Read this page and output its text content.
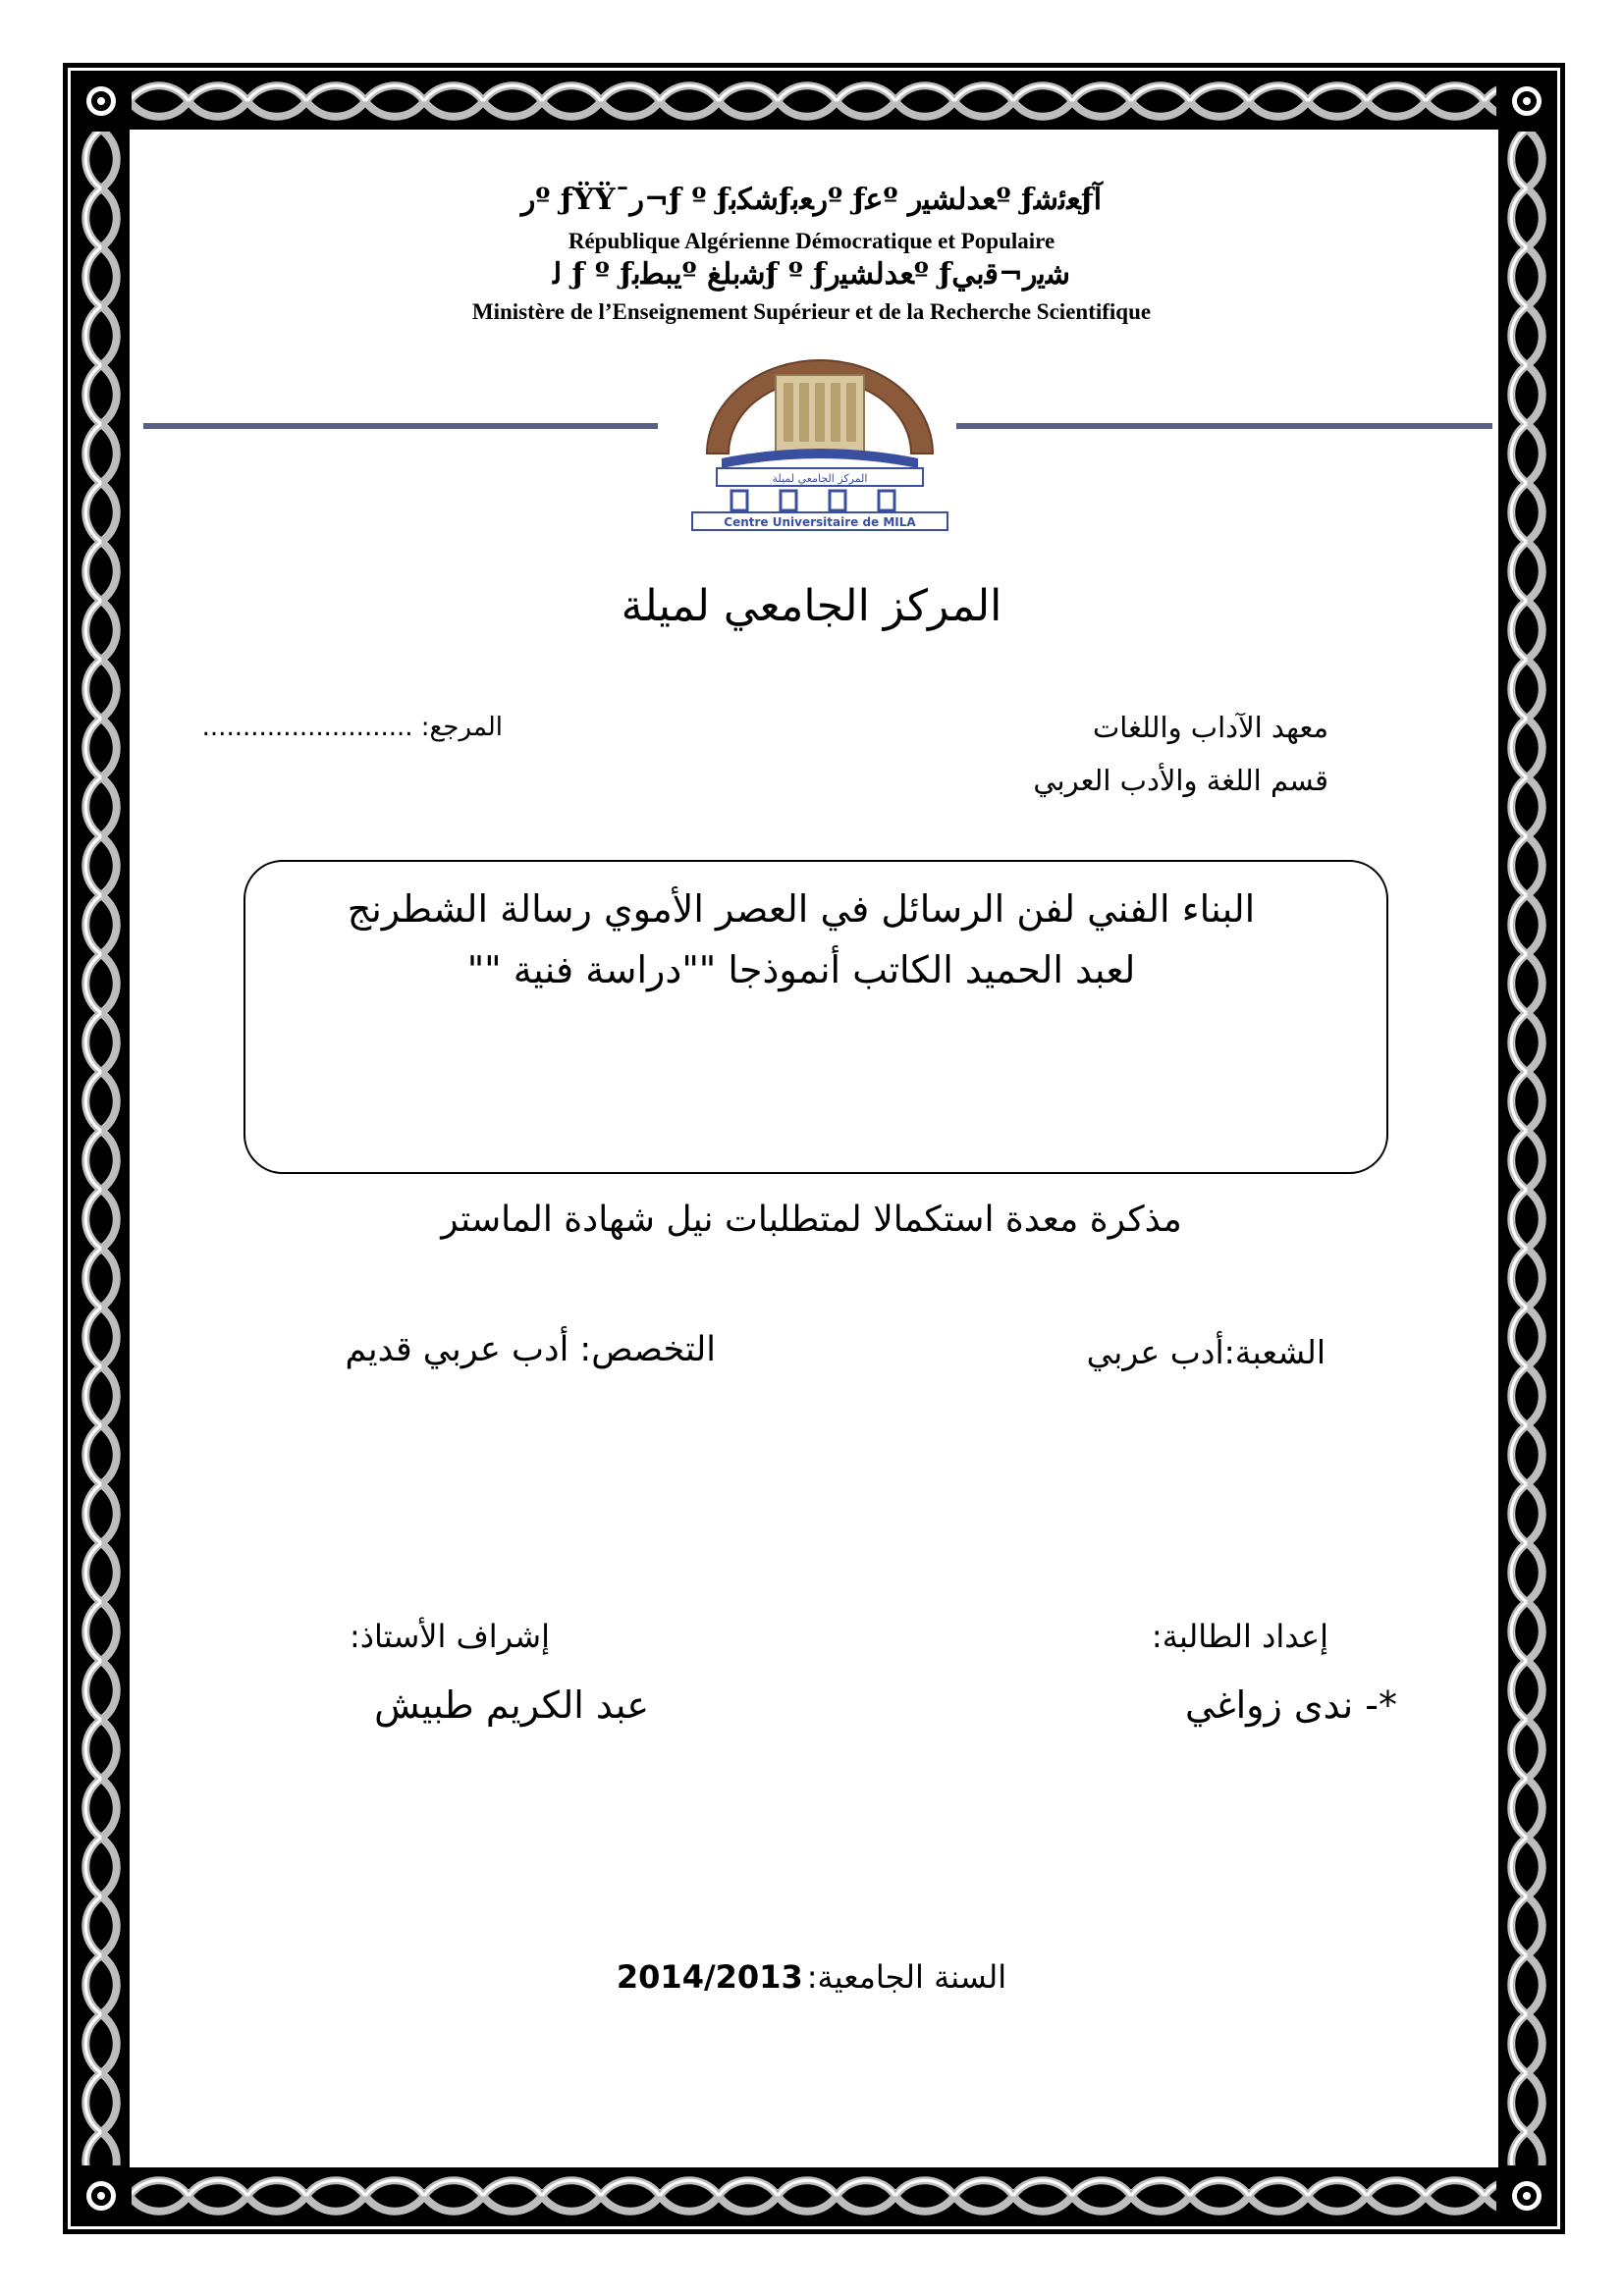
ﺭº ƒŸŸ¯ﺭ¬ƒ º ƒﺷﻜﺑƒﺭﻌﺑº ƒﻋº ﻌﺪﻟﺸﻴﺭº ƒﻌﺋﺷƒﺁ
République Algérienne Démocratique et Populaire
ﻟ ƒ º ƒﻳﺒﻄﺑº ﺷﺑﻠﻎƒ º ƒﻌﺪﻟﺸﻴﺭº ƒﺷﻳﺭ¬ﻗﺑﻲ
Ministère de l’Enseignement Supérieur et de la Recherche Scientifique
المركز الجامعي لميلة
Centre Universitaire de MILA
المركز الجامعي لميلة
معهد الآداب واللغات
قسم اللغة والأدب العربي
المرجع: ..........................
البناء الفني لفن الرسائل في العصر الأموي رسالة الشطرنج
لعبد الحميد الكاتب أنموذجا ""دراسة فنية ""
مذكرة معدة استكمالا لمتطلبات نيل شهادة الماستر
الشعبة:أدب عربي
التخصص: أدب عربي قديم
إعداد الطالبة:
*- ندى زواغي
إشراف الأستاذ:
عبد الكريم طبيش
2014/2013 السنة الجامعية:
